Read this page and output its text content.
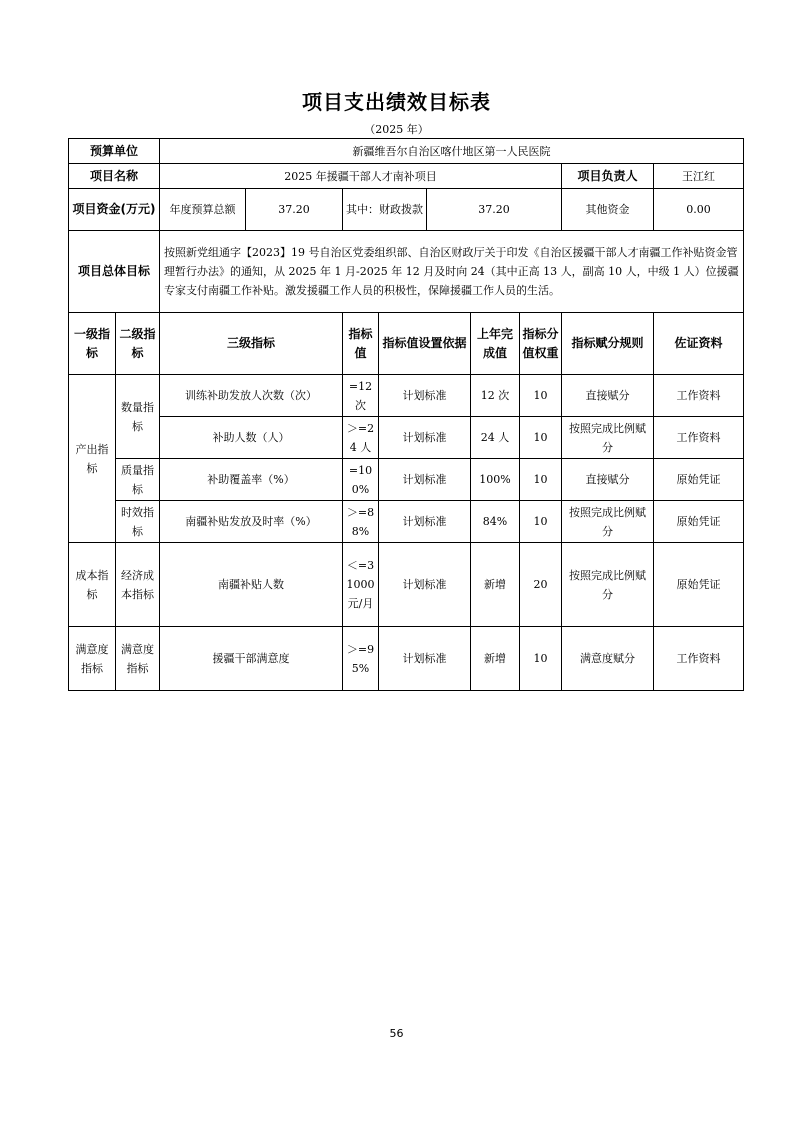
项目支出绩效目标表
（2025 年）
预算单位		新疆维吾尔自治区喀什地区第一人民医院								
项目名称		2025 年援疆干部人才南补项目							项目负责人	王江红
项目资金(万元)		年度预算总额	37.20	其中：财政拨款		37.20			其他资金	0.00
项目总体目标		按照新党组通字【2023】19 号自治区党委组织部、自治区财政厅关于印发《自治区援疆干部人才南疆工作补贴资金管理暂行办法》的通知，从 2025 年 1 月-2025 年 12 月及时向 24（其中正高 13 人，副高 10 人，中级 1 人）位援疆专家支付南疆工作补贴。激发援疆工作人员的积极性，保障援疆工作人员的生活。								
一级指标	二级指标	三级指标		指标值	指标值设置依据		上年完成值	指标分值权重	指标赋分规则	佐证资料
产出指标	数量指标	训练补助发放人次数（次）		=12 次	计划标准		12 次	10	直接赋分	工作资料
		补助人数（人）		＞=24 人	计划标准		24 人	10	按照完成比例赋分	工作资料
	质量指标	补助覆盖率（%）		=100%	计划标准		100%	10	直接赋分	原始凭证
	时效指标	南疆补贴发放及时率（%）		＞=88%	计划标准		84%	10	按照完成比例赋分	原始凭证
成本指标	经济成本指标	南疆补贴人数		＜=31000 元/月	计划标准		新增	20	按照完成比例赋分	原始凭证
满意度指标	满意度指标	援疆干部满意度		＞=95%	计划标准		新增	10	满意度赋分	工作资料
56
